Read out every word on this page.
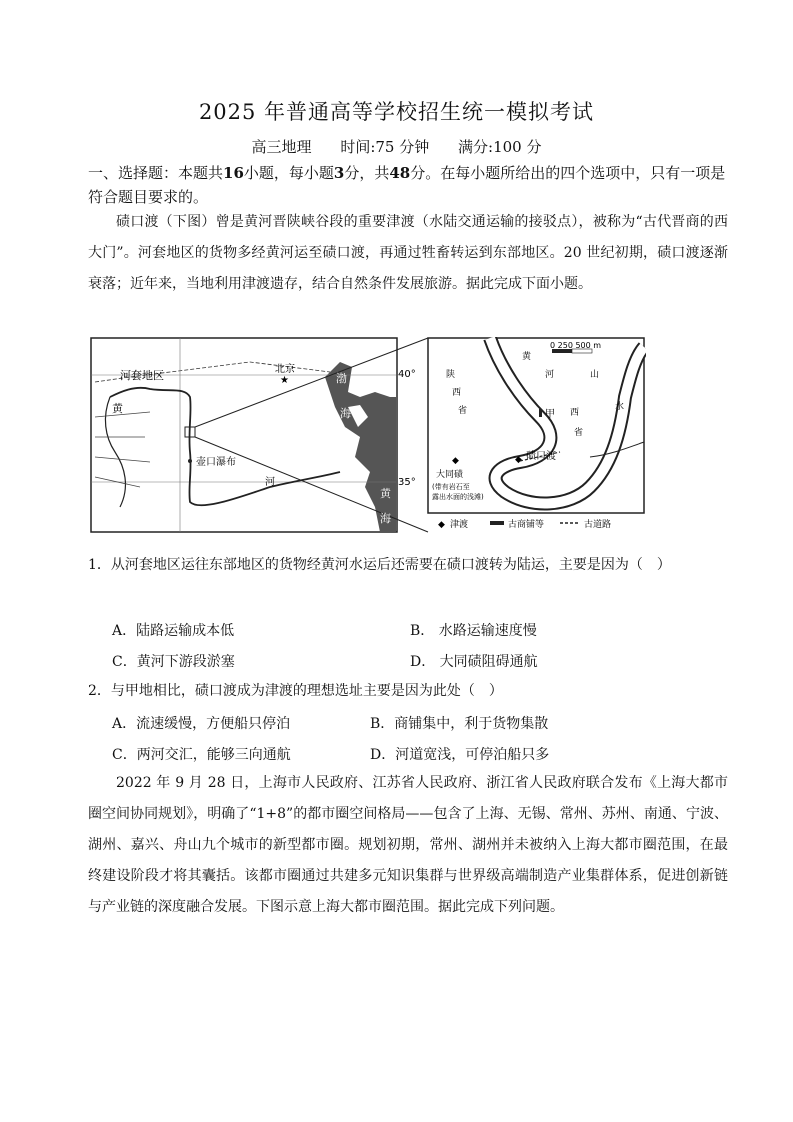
2025 年普通高等学校招生统一模拟考试
高三地理 时间:75 分钟 满分:100 分
一、选择题：本题共16小题，每小题3分，共48分。在每小题所给出的四个选项中，只有一项是符合题目要求的。
碛口渡（下图）曾是黄河晋陕峡谷段的重要津渡（水陆交通运输的接驳点），被称为“古代晋商的西大门”。河套地区的货物多经黄河运至碛口渡，再通过牲畜转运到东部地区。20 世纪初期，碛口渡逐渐衰落；近年来，当地利用津渡遗存，结合自然条件发展旅游。据此完成下面小题。
★
河套地区	北京
黄
河
渤
海
黄
海
壶口瀑布
40°
35°
0 250 500 m
◆
◆
陕
西
省
黄
河	山
西
省
甲
水
碛口渡
大同碛
(带有岩石至
露出水面的浅滩)
◆ 津渡	古商铺等	古道路
1．从河套地区运往东部地区的货物经黄河水运后还需要在碛口渡转为陆运，主要是因为（　）
A．陆路运输成本低	B． 水路运输速度慢
C．黄河下游段淤塞	D． 大同碛阻碍通航
2．与甲地相比，碛口渡成为津渡的理想选址主要是因为此处（　）
A．流速缓慢，方便船只停泊	B．商铺集中，利于货物集散
C．两河交汇，能够三向通航	D．河道宽浅，可停泊船只多
2022 年 9 月 28 日，上海市人民政府、江苏省人民政府、浙江省人民政府联合发布《上海大都市圈空间协同规划》，明确了“1+8”的都市圈空间格局——包含了上海、无锡、常州、苏州、南通、宁波、湖州、嘉兴、舟山九个城市的新型都市圈。规划初期，常州、湖州并未被纳入上海大都市圈范围，在最终建设阶段才将其囊括。该都市圈通过共建多元知识集群与世界级高端制造产业集群体系，促进创新链与产业链的深度融合发展。下图示意上海大都市圈范围。据此完成下列问题。
